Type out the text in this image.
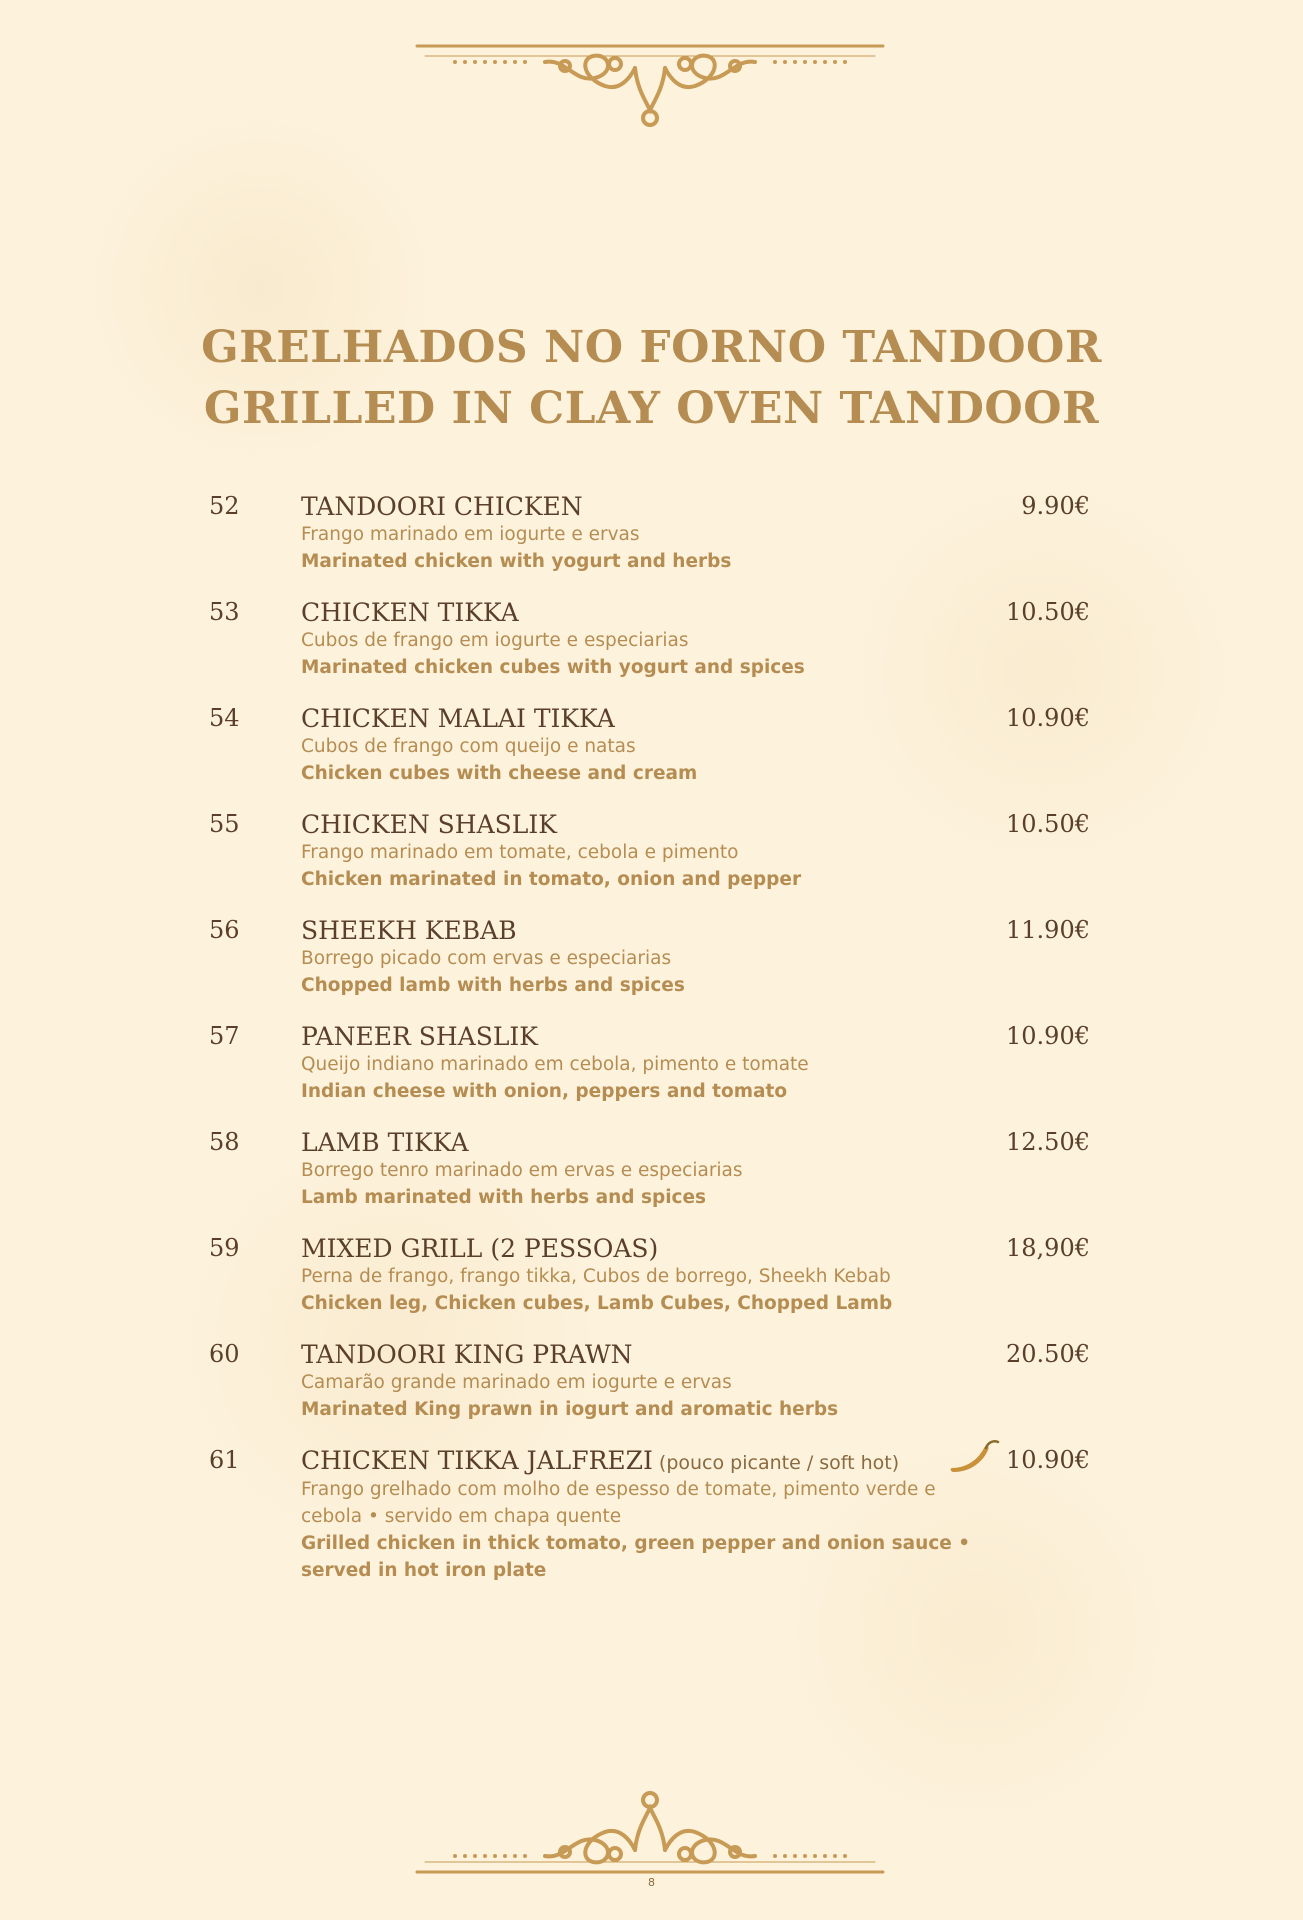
GRELHADOS NO FORNO TANDOOR
GRILLED IN CLAY OVEN TANDOOR
52 TANDOORI CHICKEN	9.90€
Frango marinado em iogurte e ervas
Marinated chicken with yogurt and herbs
53 CHICKEN TIKKA	10.50€
Cubos de frango em iogurte e especiarias
Marinated chicken cubes with yogurt and spices
54 CHICKEN MALAI TIKKA	10.90€
Cubos de frango com queijo e natas
Chicken cubes with cheese and cream
55 CHICKEN SHASLIK	10.50€
Frango marinado em tomate, cebola e pimento
Chicken marinated in tomato, onion and pepper
56 SHEEKH KEBAB	11.90€
Borrego picado com ervas e especiarias
Chopped lamb with herbs and spices
57 PANEER SHASLIK	10.90€
Queijo indiano marinado em cebola, pimento e tomate
Indian cheese with onion, peppers and tomato
58 LAMB TIKKA	12.50€
Borrego tenro marinado em ervas e especiarias
Lamb marinated with herbs and spices
59 MIXED GRILL (2 PESSOAS)	18,90€
Perna de frango, frango tikka, Cubos de borrego, Sheekh Kebab
Chicken leg, Chicken cubes, Lamb Cubes, Chopped Lamb
60 TANDOORI KING PRAWN	20.50€
Camarão grande marinado em iogurte e ervas
Marinated King prawn in iogurt and aromatic herbs
61 CHICKEN TIKKA JALFREZI (pouco picante / soft hot)	10.90€
Frango grelhado com molho de espesso de tomate, pimento verde e cebola • servido em chapa quente
Grilled chicken in thick tomato, green pepper and onion sauce • served in hot iron plate
8
